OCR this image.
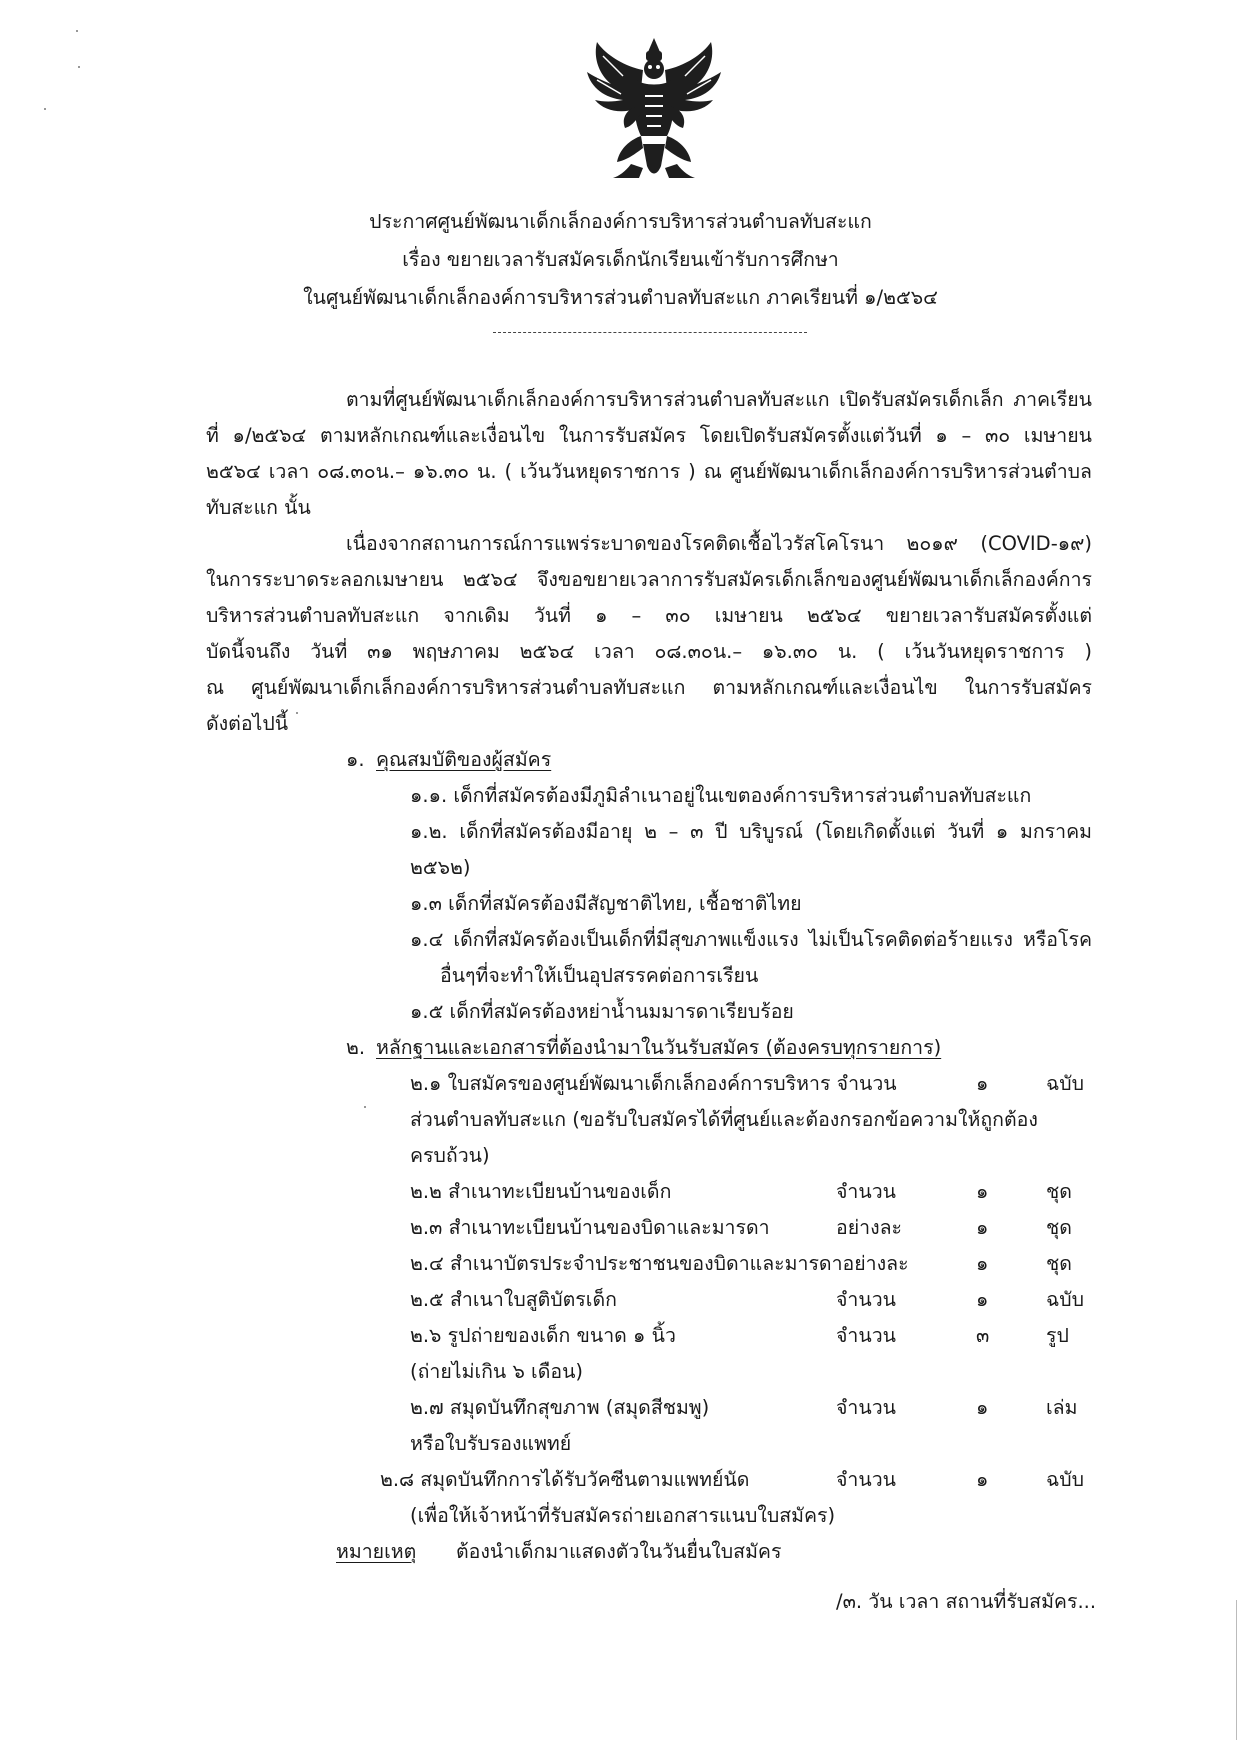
ประกาศศูนย์พัฒนาเด็กเล็กองค์การบริหารส่วนตำบลทับสะแก
เรื่อง ขยายเวลารับสมัครเด็กนักเรียนเข้ารับการศึกษา
ในศูนย์พัฒนาเด็กเล็กองค์การบริหารส่วนตำบลทับสะแก ภาคเรียนที่ ๑/๒๕๖๔
ตามที่ศูนย์พัฒนาเด็กเล็กองค์การบริหารส่วนตำบลทับสะแก เปิดรับสมัครเด็กเล็ก ภาคเรียน
ที่ ๑/๒๕๖๔ ตามหลักเกณฑ์และเงื่อนไข ในการรับสมัคร โดยเปิดรับสมัครตั้งแต่วันที่ ๑ – ๓๐ เมษายน
๒๕๖๔ เวลา ๐๘.๓๐น.– ๑๖.๓๐ น. ( เว้นวันหยุดราชการ ) ณ ศูนย์พัฒนาเด็กเล็กองค์การบริหารส่วนตำบล
ทับสะแก นั้น
เนื่องจากสถานการณ์การแพร่ระบาดของโรคติดเชื้อไวรัสโคโรนา ๒๐๑๙ (COVID-๑๙)
ในการระบาดระลอกเมษายน ๒๕๖๔ จึงขอขยายเวลาการรับสมัครเด็กเล็กของศูนย์พัฒนาเด็กเล็กองค์การ
บริหารส่วนตำบลทับสะแก จากเดิม วันที่ ๑ – ๓๐ เมษายน ๒๕๖๔ ขยายเวลารับสมัครตั้งแต่
บัดนี้จนถึง วันที่ ๓๑ พฤษภาคม ๒๕๖๔ เวลา ๐๘.๓๐น.– ๑๖.๓๐ น. ( เว้นวันหยุดราชการ )
ณ ศูนย์พัฒนาเด็กเล็กองค์การบริหารส่วนตำบลทับสะแก ตามหลักเกณฑ์และเงื่อนไข ในการรับสมัคร
ดังต่อไปนี้
๑. คุณสมบัติของผู้สมัคร
๑.๑. เด็กที่สมัครต้องมีภูมิลำเนาอยู่ในเขตองค์การบริหารส่วนตำบลทับสะแก
๑.๒. เด็กที่สมัครต้องมีอายุ ๒ – ๓ ปี บริบูรณ์ (โดยเกิดตั้งแต่ วันที่ ๑ มกราคม
๒๕๖๒)
๑.๓ เด็กที่สมัครต้องมีสัญชาติไทย, เชื้อชาติไทย
๑.๔ เด็กที่สมัครต้องเป็นเด็กที่มีสุขภาพแข็งแรง ไม่เป็นโรคติดต่อร้ายแรง หรือโรค
อื่นๆที่จะทำให้เป็นอุปสรรคต่อการเรียน
๑.๕ เด็กที่สมัครต้องหย่าน้ำนมมารดาเรียบร้อย
๒. หลักฐานและเอกสารที่ต้องนำมาในวันรับสมัคร (ต้องครบทุกรายการ)
๒.๑ ใบสมัครของศูนย์พัฒนาเด็กเล็กองค์การบริหาร จำนวน	๑	ฉบับ
ส่วนตำบลทับสะแก (ขอรับใบสมัครได้ที่ศูนย์และต้องกรอกข้อความให้ถูกต้อง
ครบถ้วน)
๒.๒ สำเนาทะเบียนบ้านของเด็ก	จำนวน	๑	ชุด
๒.๓ สำเนาทะเบียนบ้านของบิดาและมารดา	อย่างละ	๑	ชุด
๒.๔ สำเนาบัตรประจำประชาชนของบิดาและมารดาอย่างละ	๑	ชุด
๒.๕ สำเนาใบสูติบัตรเด็ก	จำนวน	๑	ฉบับ
๒.๖ รูปถ่ายของเด็ก ขนาด ๑ นิ้ว	จำนวน	๓	รูป
(ถ่ายไม่เกิน ๖ เดือน)
๒.๗ สมุดบันทึกสุขภาพ (สมุดสีชมพู)	จำนวน	๑	เล่ม
หรือใบรับรองแพทย์
๒.๘ สมุดบันทึกการได้รับวัคซีนตามแพทย์นัด	จำนวน	๑	ฉบับ
(เพื่อให้เจ้าหน้าที่รับสมัครถ่ายเอกสารแนบใบสมัคร)
หมายเหตุ ต้องนำเด็กมาแสดงตัวในวันยื่นใบสมัคร
/๓. วัน เวลา สถานที่รับสมัคร...
